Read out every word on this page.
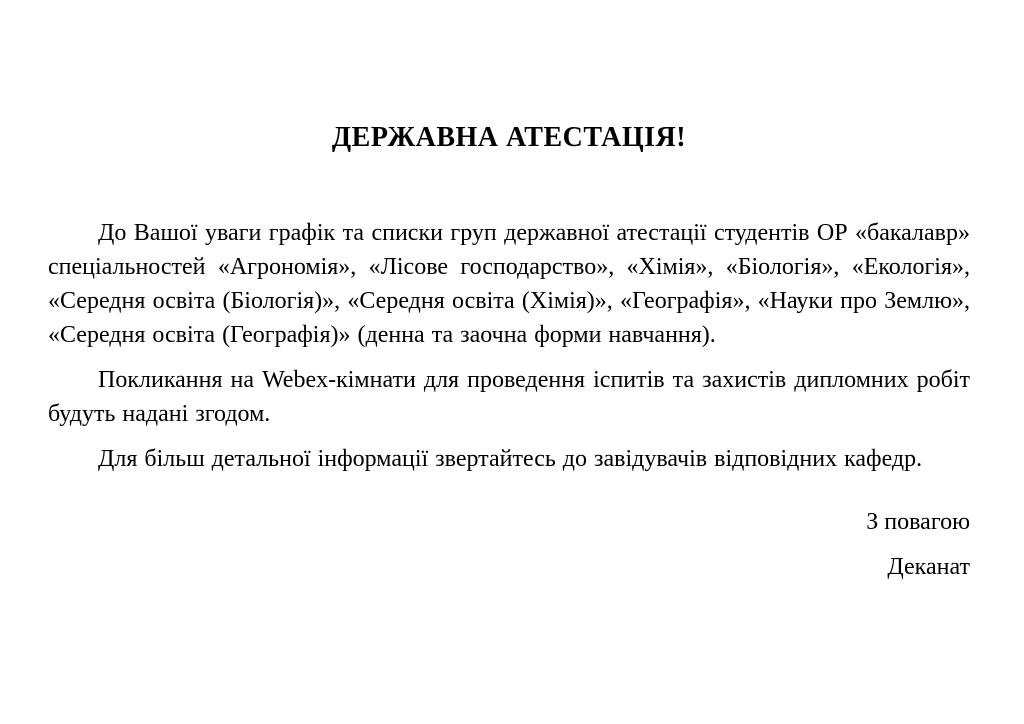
ДЕРЖАВНА АТЕСТАЦІЯ!

До Вашої уваги графік та списки груп державної атестації студентів ОР «бакалавр» спеціальностей «Агрономія», «Лісове господарство», «Хімія», «Біологія», «Екологія», «Середня освіта (Біологія)», «Середня освіта (Хімія)», «Географія», «Науки про Землю», «Середня освіта (Географія)» (денна та заочна форми навчання).

Покликання на Webex-кімнати для проведення іспитів та захистів дипломних робіт будуть надані згодом.

Для більш детальної інформації звертайтесь до завідувачів відповідних кафедр.

З повагою
Деканат
